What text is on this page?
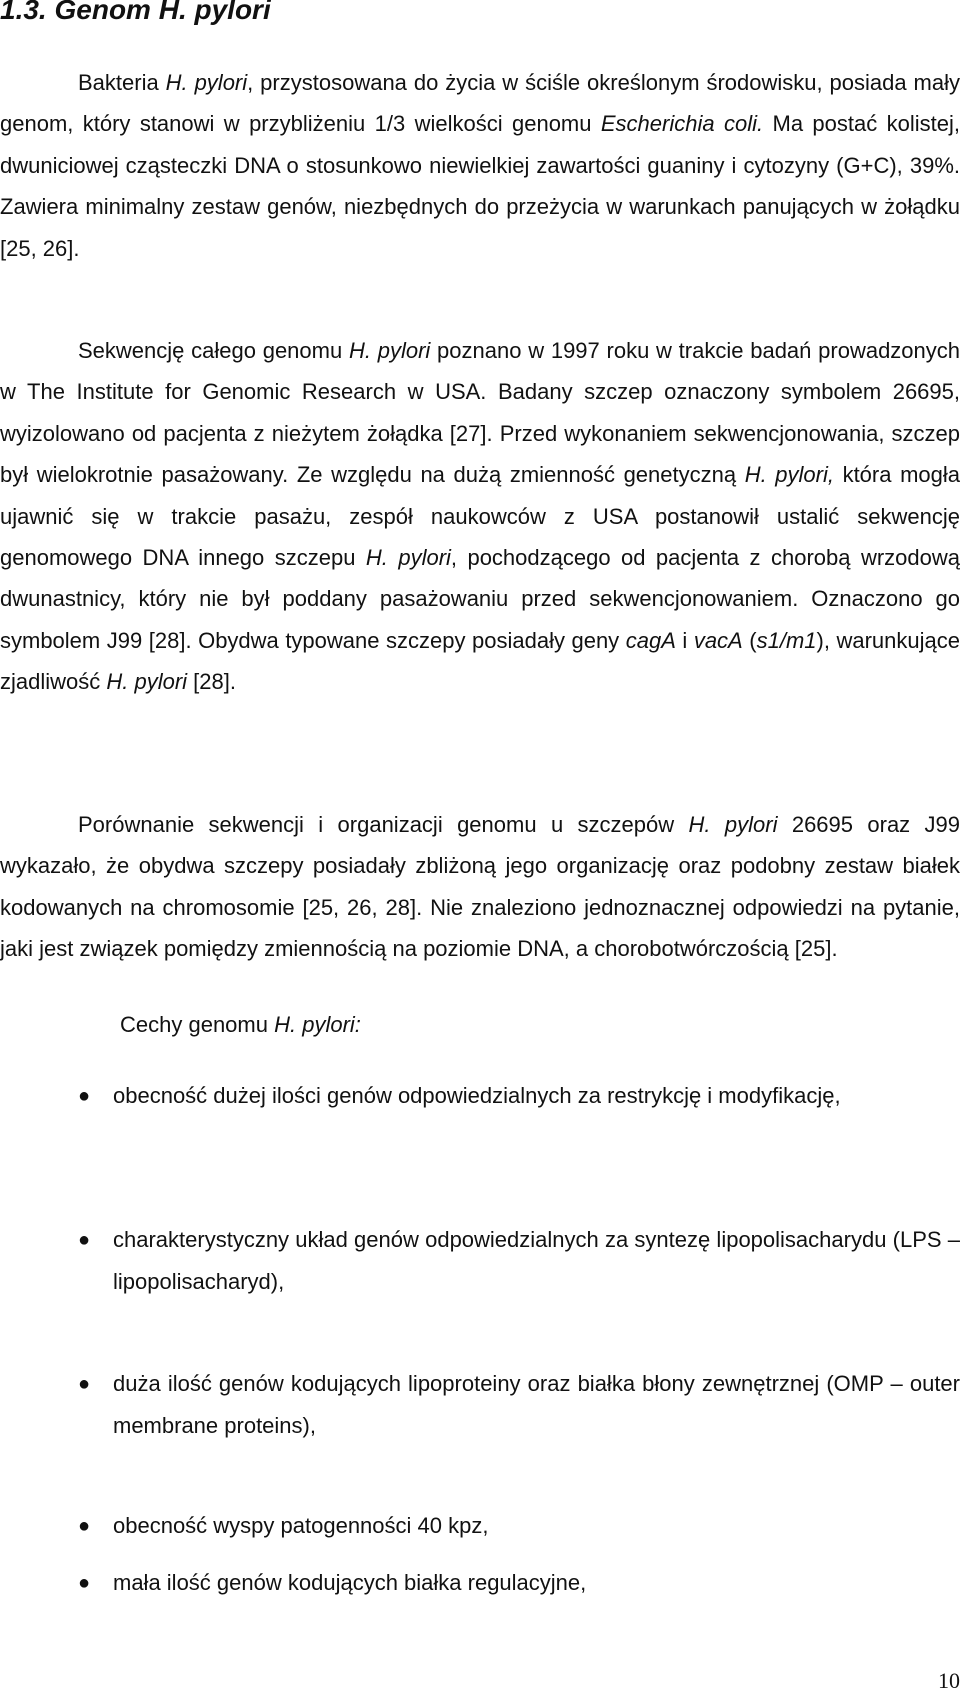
1.3. Genom H. pylori

Bakteria H. pylori, przystosowana do życia w ściśle określonym środowisku, posiada mały genom, który stanowi w przybliżeniu 1/3 wielkości genomu Escherichia coli. Ma postać kolistej, dwuniciowej cząsteczki DNA o stosunkowo niewielkiej zawartości guaniny i cytozyny (G+C), 39%. Zawiera minimalny zestaw genów, niezbędnych do przeżycia w warunkach panujących w żołądku [25, 26].

Sekwencję całego genomu H. pylori poznano w 1997 roku w trakcie badań prowadzonych w The Institute for Genomic Research w USA. Badany szczep oznaczony symbolem 26695, wyizolowano od pacjenta z nieżytem żołądka [27]. Przed wykonaniem sekwencjonowania, szczep był wielokrotnie pasażowany. Ze względu na dużą zmienność genetyczną H. pylori, która mogła ujawnić się w trakcie pasażu, zespół naukowców z USA postanowił ustalić sekwencję genomowego DNA innego szczepu H. pylori, pochodzącego od pacjenta z chorobą wrzodową dwunastnicy, który nie był poddany pasażowaniu przed sekwencjonowaniem. Oznaczono go symbolem J99 [28]. Obydwa typowane szczepy posiadały geny cagA i vacA (s1/m1), warunkujące zjadliwość H. pylori [28].

Porównanie sekwencji i organizacji genomu u szczepów H. pylori 26695 oraz J99 wykazało, że obydwa szczepy posiadały zbliżoną jego organizację oraz podobny zestaw białek kodowanych na chromosomie [25, 26, 28]. Nie znaleziono jednoznacznej odpowiedzi na pytanie, jaki jest związek pomiędzy zmiennością na poziomie DNA, a chorobotwórczością [25].

Cechy genomu H. pylori:

● obecność dużej ilości genów odpowiedzialnych za restrykcję i modyfikację,
● charakterystyczny układ genów odpowiedzialnych za syntezę lipopolisacharydu (LPS – lipopolisacharyd),
● duża ilość genów kodujących lipoproteiny oraz białka błony zewnętrznej (OMP – outer membrane proteins),
● obecność wyspy patogenności 40 kpz,
● mała ilość genów kodujących białka regulacyjne,

10
